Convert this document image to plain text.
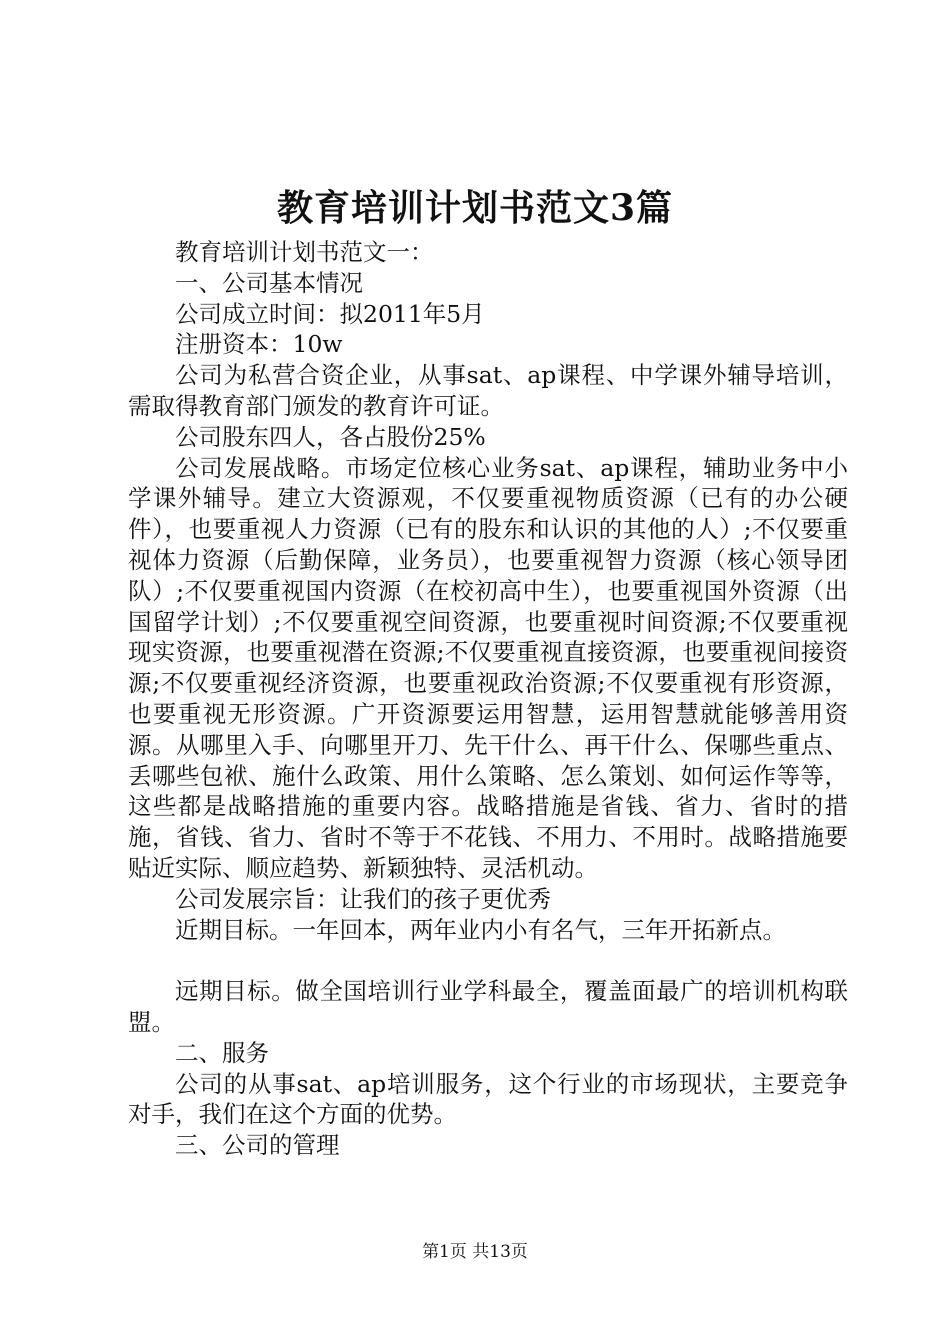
教育培训计划书范文3篇

教育培训计划书范文一：

一、公司基本情况

公司成立时间：拟2011年5月

注册资本：10w

公司为私营合资企业，从事sat、ap课程、中学课外辅导培训，需取得教育部门颁发的教育许可证。

公司股东四人，各占股份25%

公司发展战略。市场定位核心业务sat、ap课程，辅助业务中小学课外辅导。建立大资源观，不仅要重视物质资源（已有的办公硬件），也要重视人力资源（已有的股东和认识的其他的人）;不仅要重视体力资源（后勤保障，业务员），也要重视智力资源（核心领导团队）;不仅要重视国内资源（在校初高中生），也要重视国外资源（出国留学计划）;不仅要重视空间资源，也要重视时间资源;不仅要重视现实资源，也要重视潜在资源;不仅要重视直接资源，也要重视间接资源;不仅要重视经济资源，也要重视政治资源;不仅要重视有形资源，也要重视无形资源。广开资源要运用智慧，运用智慧就能够善用资源。从哪里入手、向哪里开刀、先干什么、再干什么、保哪些重点、丢哪些包袱、施什么政策、用什么策略、怎么策划、如何运作等等，这些都是战略措施的重要内容。战略措施是省钱、省力、省时的措施，省钱、省力、省时不等于不花钱、不用力、不用时。战略措施要贴近实际、顺应趋势、新颖独特、灵活机动。

公司发展宗旨：让我们的孩子更优秀

近期目标。一年回本，两年业内小有名气，三年开拓新点。

远期目标。做全国培训行业学科最全，覆盖面最广的培训机构联盟。

二、服务

公司的从事sat、ap培训服务，这个行业的市场现状，主要竞争对手，我们在这个方面的优势。

三、公司的管理

第1页 共13页
